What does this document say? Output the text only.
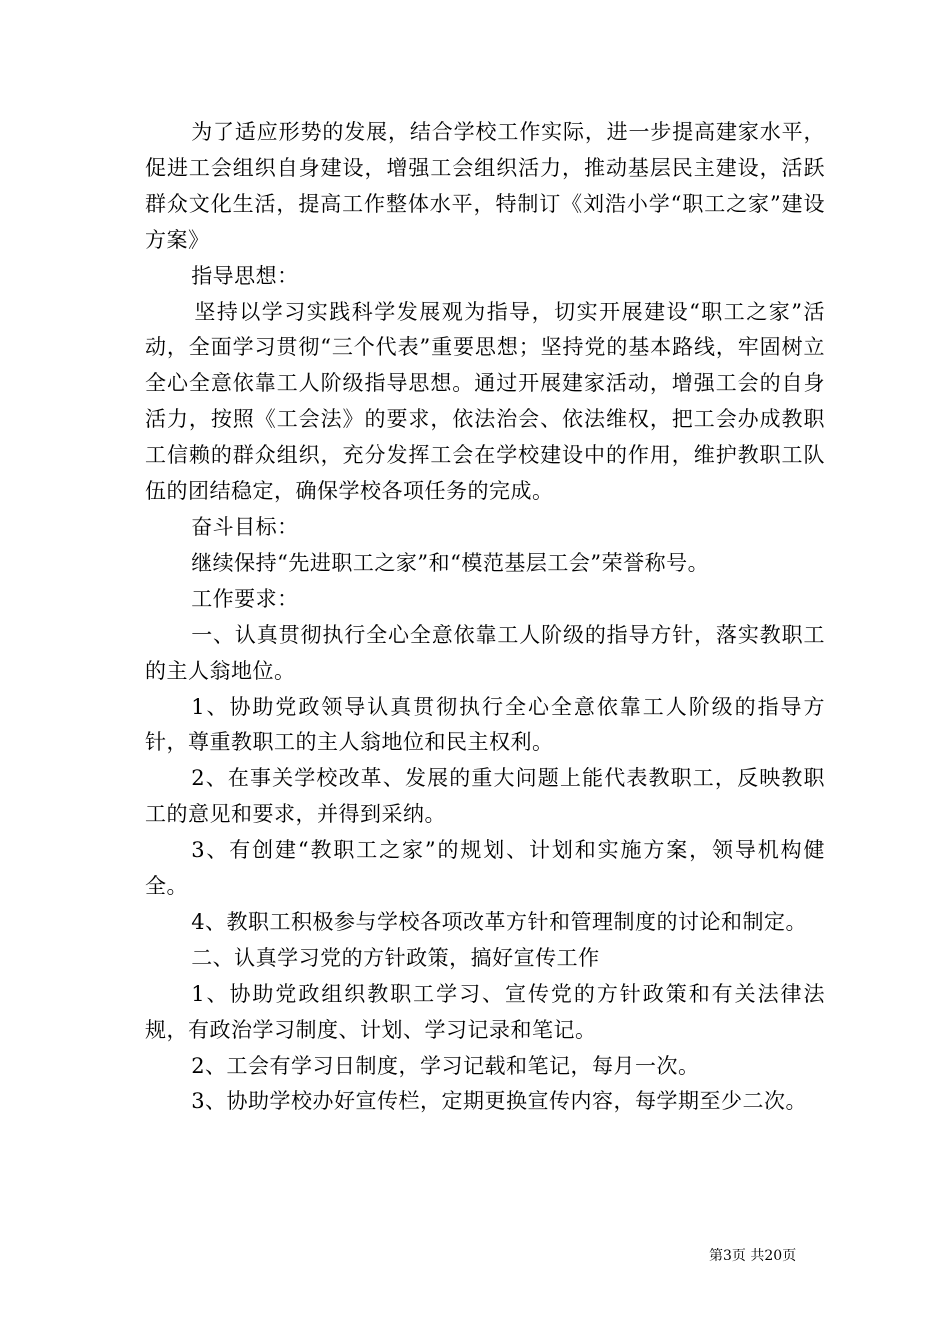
为了适应形势的发展，结合学校工作实际，进一步提高建家水平，促进工会组织自身建设，增强工会组织活力，推动基层民主建设，活跃群众文化生活，提高工作整体水平，特制订《刘浩小学“职工之家”建设方案》

指导思想：

坚持以学习实践科学发展观为指导，切实开展建设“职工之家”活动，全面学习贯彻“三个代表”重要思想；坚持党的基本路线，牢固树立全心全意依靠工人阶级指导思想。通过开展建家活动，增强工会的自身活力，按照《工会法》的要求，依法治会、依法维权，把工会办成教职工信赖的群众组织，充分发挥工会在学校建设中的作用，维护教职工队伍的团结稳定，确保学校各项任务的完成。

奋斗目标：

继续保持“先进职工之家”和“模范基层工会”荣誉称号。

工作要求：

一、认真贯彻执行全心全意依靠工人阶级的指导方针，落实教职工的主人翁地位。

1、协助党政领导认真贯彻执行全心全意依靠工人阶级的指导方针，尊重教职工的主人翁地位和民主权利。

2、在事关学校改革、发展的重大问题上能代表教职工，反映教职工的意见和要求，并得到采纳。

3、有创建“教职工之家”的规划、计划和实施方案，领导机构健全。

4、教职工积极参与学校各项改革方针和管理制度的讨论和制定。

二、认真学习党的方针政策，搞好宣传工作

1、协助党政组织教职工学习、宣传党的方针政策和有关法律法规，有政治学习制度、计划、学习记录和笔记。

2、工会有学习日制度，学习记载和笔记，每月一次。

3、协助学校办好宣传栏，定期更换宣传内容，每学期至少二次。

第3页 共20页
